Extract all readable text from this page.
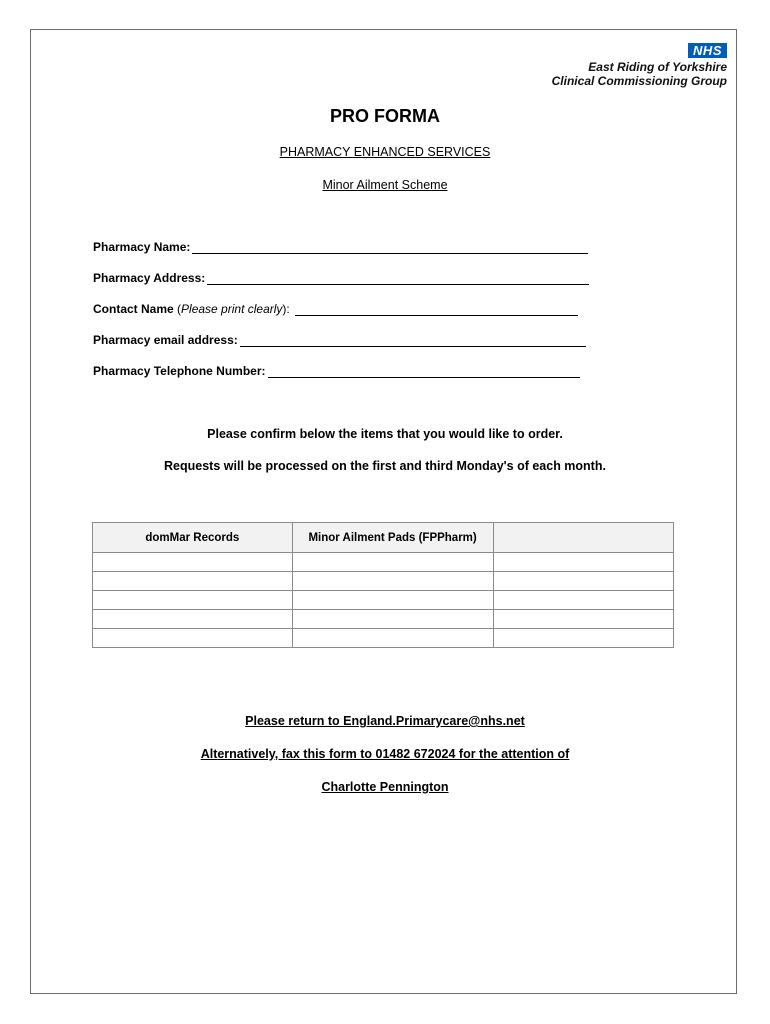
NHS
East Riding of Yorkshire
Clinical Commissioning Group
PRO FORMA
PHARMACY ENHANCED SERVICES
Minor Ailment Scheme
Pharmacy Name:
Pharmacy Address:
Contact Name
( Please print clearly ):
Pharmacy email address:
Pharmacy Telephone Number:
Please confirm below the items that you would like to order.
Requests will be processed on the first and third Monday's of each month.
domMar Records	Minor Ailment Pads (FPPharm)	

Please return to England.Primarycare@nhs.net
Alternatively, fax this form to 01482 672024 for the attention of
Charlotte Pennington
